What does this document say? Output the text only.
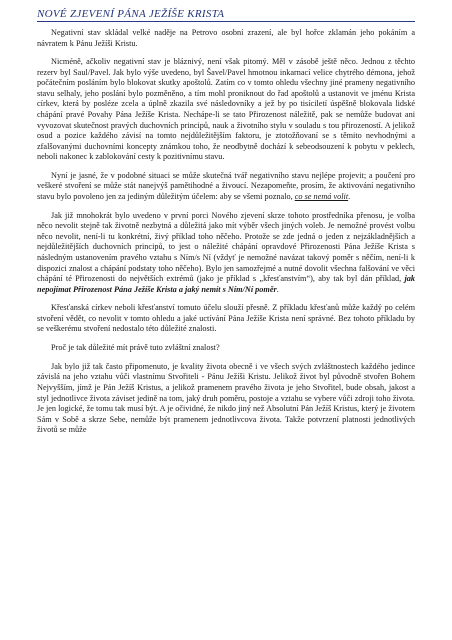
NOVÉ ZJEVENÍ PÁNA JEŽÍŠE KRISTA

Negativní stav skládal velké naděje na Petrovo osobní zrazení, ale byl hořce zklamán jeho pokáním a návratem k Pánu Ježíši Kristu.

Nicméně, ačkoliv negativní stav je bláznivý, není však pitomý. Měl v zásobě ještě něco. Jednou z těchto rezerv byl Saul/Pavel. Jak bylo výše uvedeno, byl Šavel/Pavel hmotnou inkarnací velice chytrého démona, jehož počátečním posláním bylo blokovat skutky apoštolů. Zatím co v tomto ohledu všechny jiné prameny negativního stavu selhaly, jeho poslání bylo pozměněno, a tím mohl proniknout do řad apoštolů a ustanovit ve jménu Krista církev, která by posléze zcela a úplně zkazila své následovníky a jež by po tisíciletí úspěšně blokovala lidské chápání pravé Povahy Pána Ježíše Krista. Nechápe-li se tato Přirozenost náležitě, pak se nemůže budovat ani vyvozovat skutečnost pravých duchovních principů, nauk a životního stylu v souladu s tou přirozeností. A jelikož osud a pozice každého závisí na tomto nejdůležitějším faktoru, je ztotožňovaní se s těmito nevhodnými a zfalšovanými duchovními koncepty známkou toho, že neodbytně dochází k sebeodsouzení k pobytu v peklech, neboli nakonec k zablokování cesty k pozitivnímu stavu.

Nyní je jasné, že v podobné situaci se může skutečná tvář negativního stavu nejlépe projevit; a poučení pro veškeré stvoření se může stát nanejvýš pamětihodné a živoucí. Nezapomeňte, prosím, že aktivování negativního stavu bylo povoleno jen za jediným důležitým účelem: aby se všemi poznalo, co se nemá volit.

Jak již mnohokrát bylo uvedeno v první porci Nového zjevení skrze tohoto prostředníka přenosu, je volba něco nevolit stejně tak životně nezbytná a důležitá jako mít výběr všech jiných voleb. Je nemožné provést volbu něco nevolit, není-li tu konkrétní, živý příklad toho něčeho. Protože se zde jedná o jeden z nejzákladnějších a nejdůležitějších duchovních principů, to jest o náležité chápání opravdové Přirozenosti Pána Ježíše Krista s následným ustanovením pravého vztahu s Ním/s Ní (vždyť je nemožné navázat takový poměr s něčím, není-li k dispozici znalost a chápání podstaty toho něčeho). Bylo jen samozřejmé a nutné dovolit všechna falšování ve věci chápání té Přirozenosti do největších extrémů (jako je příklad s „křesťanstvím“), aby tak byl dán příklad, jak nepojímat Přirozenost Pána Ježíše Krista a jaký nemít s Ním/Ní poměr.

Křesťanská církev neboli křesťanství tomuto účelu slouží přesně. Z příkladu křesťanů může každý po celém stvoření vědět, co nevolit v tomto ohledu a jaké uctívání Pána Ježíše Krista není správné. Bez tohoto příkladu by se veškerému stvoření nedostalo této důležité znalosti.

Proč je tak důležité mít právě tuto zvláštní znalost?

Jak bylo již tak často připomenuto, je kvality života obecně i ve všech svých zvláštnostech každého jedince závislá na jeho vztahu vůči vlastnímu Stvořiteli - Pánu Ježíši Kristu. Jelikož život byl původně stvořen Bohem Nejvyšším, jímž je Pán Ježíš Kristus, a jelikož pramenem pravého života je jeho Stvořitel, bude obsah, jakost a styl jednotlivce života záviset jedině na tom, jaký druh poměru, postoje a vztahu se vybere vůči zdroji toho života. Je jen logické, že tomu tak musí být. A je očividné, že nikdo jiný než Absolutní Pán Ježíš Kristus, který je životem Sám v Sobě a skrze Sebe, nemůže být pramenem jednotlivcova života. Takže potvrzení platnosti jednotlivých životů se může
